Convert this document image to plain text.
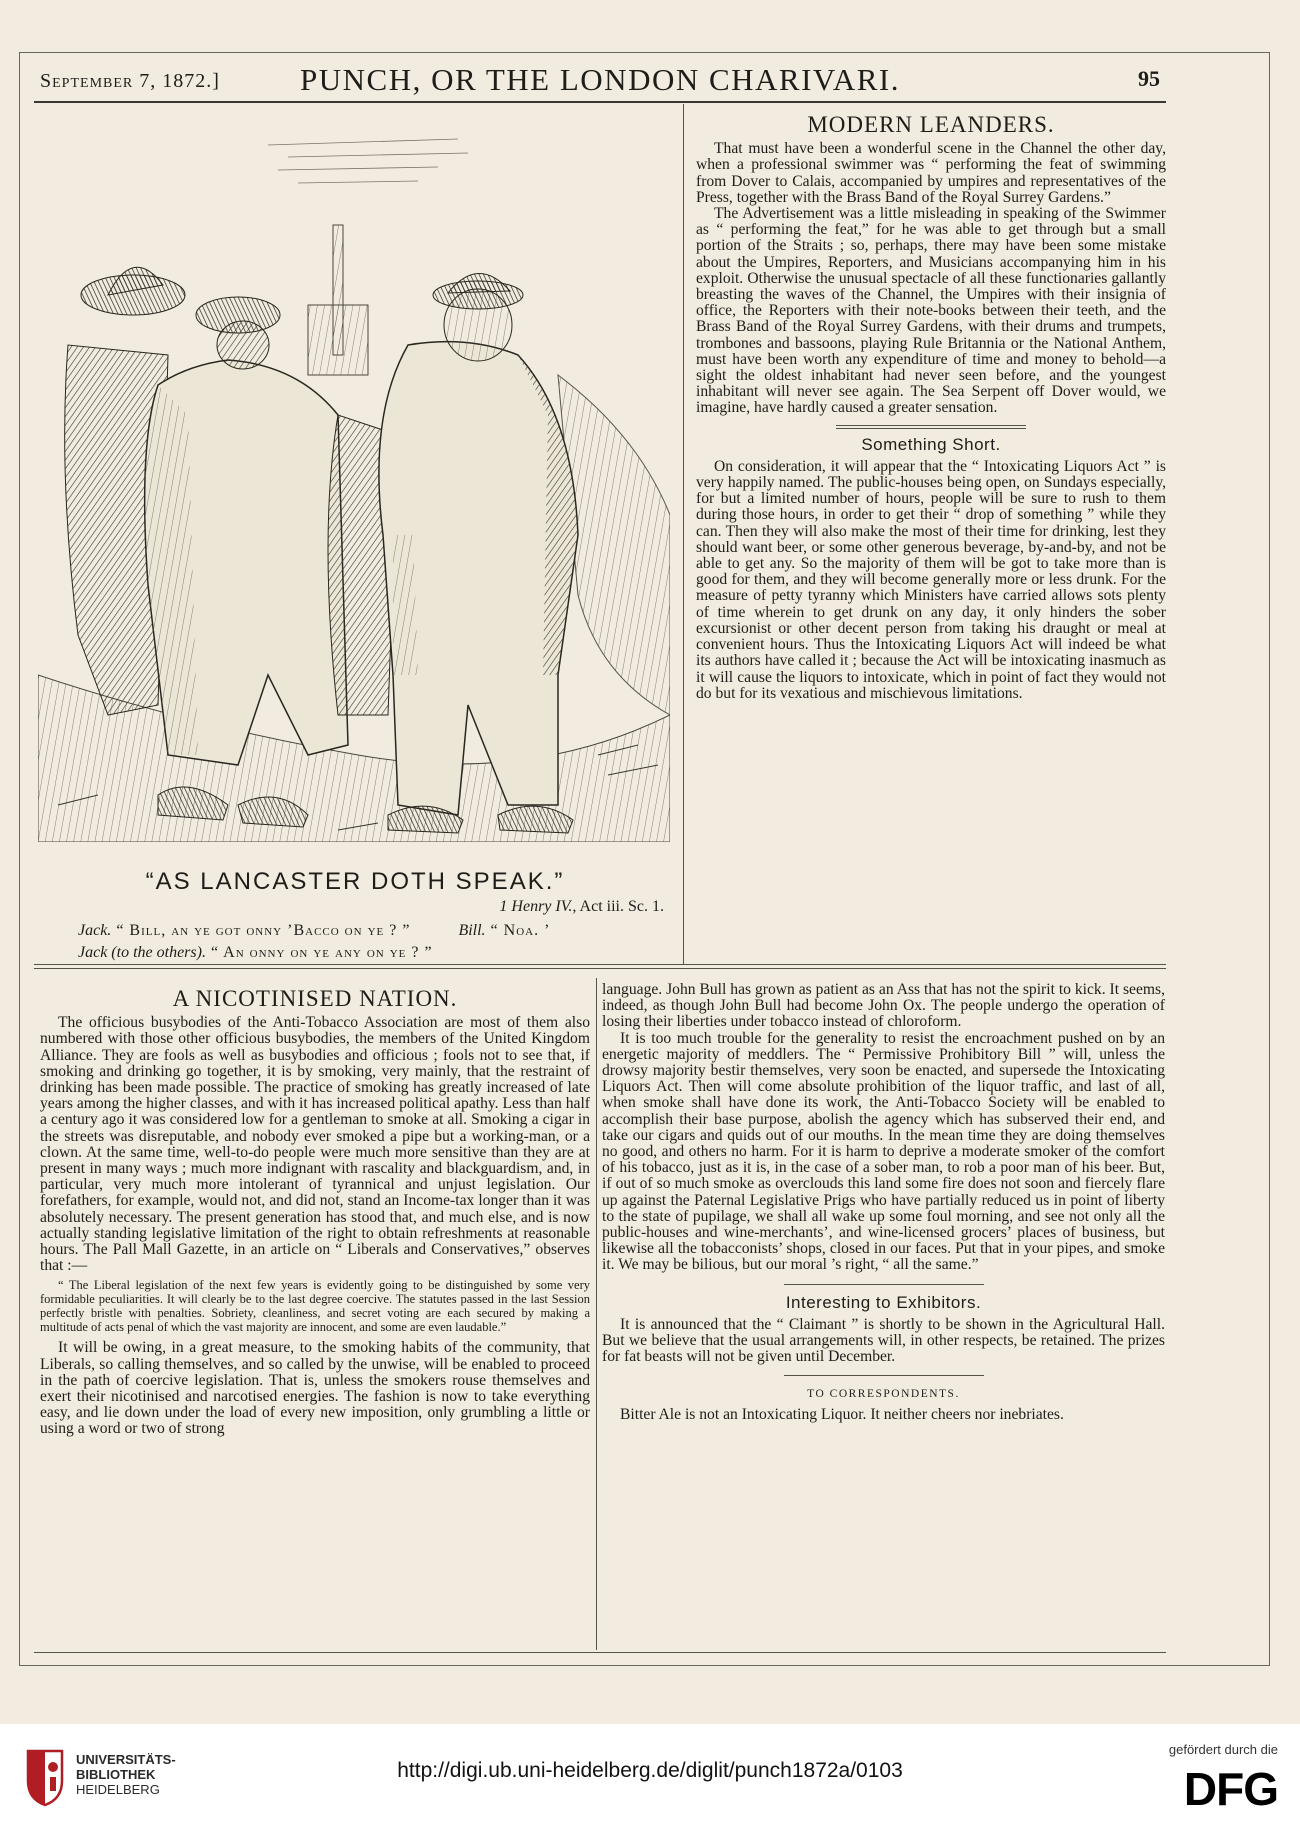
September 7, 1872.]	PUNCH, OR THE LONDON CHARIVARI.	95
“AS LANCASTER DOTH SPEAK.”
1 Henry IV., Act iii. Sc. 1.
Jack. “ Bill, an ye got onny ’Bacco on ye ? ”	Bill. “ Noa. ’
Jack (to the others). “ An onny on ye any on ye ? ”
MODERN LEANDERS.

That must have been a wonderful scene in the Channel the other day, when a professional swimmer was “ performing the feat of swimming from Dover to Calais, accompanied by umpires and representatives of the Press, together with the Brass Band of the Royal Surrey Gardens.”

The Advertisement was a little misleading in speaking of the Swimmer as “ performing the feat,” for he was able to get through but a small portion of the Straits ; so, perhaps, there may have been some mistake about the Umpires, Reporters, and Musicians accompanying him in his exploit. Otherwise the unusual spectacle of all these functionaries gallantly breasting the waves of the Channel, the Umpires with their insignia of office, the Reporters with their note-books between their teeth, and the Brass Band of the Royal Surrey Gardens, with their drums and trumpets, trombones and bassoons, playing Rule Britannia or the National Anthem, must have been worth any expenditure of time and money to behold—a sight the oldest inhabitant had never seen before, and the youngest inhabitant will never see again. The Sea Serpent off Dover would, we imagine, have hardly caused a greater sensation.

Something Short.

On consideration, it will appear that the “ Intoxicating Liquors Act ” is very happily named. The public-houses being open, on Sundays especially, for but a limited number of hours, people will be sure to rush to them during those hours, in order to get their “ drop of something ” while they can. Then they will also make the most of their time for drinking, lest they should want beer, or some other generous beverage, by-and-by, and not be able to get any. So the majority of them will be got to take more than is good for them, and they will become generally more or less drunk. For the measure of petty tyranny which Ministers have carried allows sots plenty of time wherein to get drunk on any day, it only hinders the sober excursionist or other decent person from taking his draught or meal at convenient hours. Thus the Intoxicating Liquors Act will indeed be what its authors have called it ; because the Act will be intoxicating inasmuch as it will cause the liquors to intoxicate, which in point of fact they would not do but for its vexatious and mischievous limitations.

A NICOTINISED NATION.

The officious busybodies of the Anti-Tobacco Association are most of them also numbered with those other officious busybodies, the members of the United Kingdom Alliance. They are fools as well as busybodies and officious ; fools not to see that, if smoking and drinking go together, it is by smoking, very mainly, that the restraint of drinking has been made possible. The practice of smoking has greatly increased of late years among the higher classes, and with it has increased political apathy. Less than half a century ago it was considered low for a gentleman to smoke at all. Smoking a cigar in the streets was disreputable, and nobody ever smoked a pipe but a working-man, or a clown. At the same time, well-to-do people were much more sensitive than they are at present in many ways ; much more indignant with rascality and blackguardism, and, in particular, very much more intolerant of tyrannical and unjust legislation. Our forefathers, for example, would not, and did not, stand an Income-tax longer than it was absolutely necessary. The present generation has stood that, and much else, and is now actually standing legislative limitation of the right to obtain refreshments at reasonable hours. The Pall Mall Gazette, in an article on “ Liberals and Conservatives,” observes that :—

“ The Liberal legislation of the next few years is evidently going to be distinguished by some very formidable peculiarities. It will clearly be to the last degree coercive. The statutes passed in the last Session perfectly bristle with penalties. Sobriety, cleanliness, and secret voting are each secured by making a multitude of acts penal of which the vast majority are innocent, and some are even laudable.”

It will be owing, in a great measure, to the smoking habits of the community, that Liberals, so calling themselves, and so called by the unwise, will be enabled to proceed in the path of coercive legislation. That is, unless the smokers rouse themselves and exert their nicotinised and narcotised energies. The fashion is now to take everything easy, and lie down under the load of every new imposition, only grumbling a little or using a word or two of strong

language. John Bull has grown as patient as an Ass that has not the spirit to kick. It seems, indeed, as though John Bull had become John Ox. The people undergo the operation of losing their liberties under tobacco instead of chloroform.

It is too much trouble for the generality to resist the encroachment pushed on by an energetic majority of meddlers. The “ Permissive Prohibitory Bill ” will, unless the drowsy majority bestir themselves, very soon be enacted, and supersede the Intoxicating Liquors Act. Then will come absolute prohibition of the liquor traffic, and last of all, when smoke shall have done its work, the Anti-Tobacco Society will be enabled to accomplish their base purpose, abolish the agency which has subserved their end, and take our cigars and quids out of our mouths. In the mean time they are doing themselves no good, and others no harm. For it is harm to deprive a moderate smoker of the comfort of his tobacco, just as it is, in the case of a sober man, to rob a poor man of his beer. But, if out of so much smoke as overclouds this land some fire does not soon and fiercely flare up against the Paternal Legislative Prigs who have partially reduced us in point of liberty to the state of pupilage, we shall all wake up some foul morning, and see not only all the public-houses and wine-merchants’, and wine-licensed grocers’ places of business, but likewise all the tobacconists’ shops, closed in our faces. Put that in your pipes, and smoke it. We may be bilious, but our moral ’s right, “ all the same.”

Interesting to Exhibitors.

It is announced that the “ Claimant ” is shortly to be shown in the Agricultural Hall. But we believe that the usual arrangements will, in other respects, be retained. The prizes for fat beasts will not be given until December.

TO CORRESPONDENTS.

Bitter Ale is not an Intoxicating Liquor. It neither cheers nor inebriates.

UNIVERSITÄTS-
BIBLIOTHEK
HEIDELBERG
http://digi.ub.uni-heidelberg.de/diglit/punch1872a/0103
gefördert durch die
DFG
